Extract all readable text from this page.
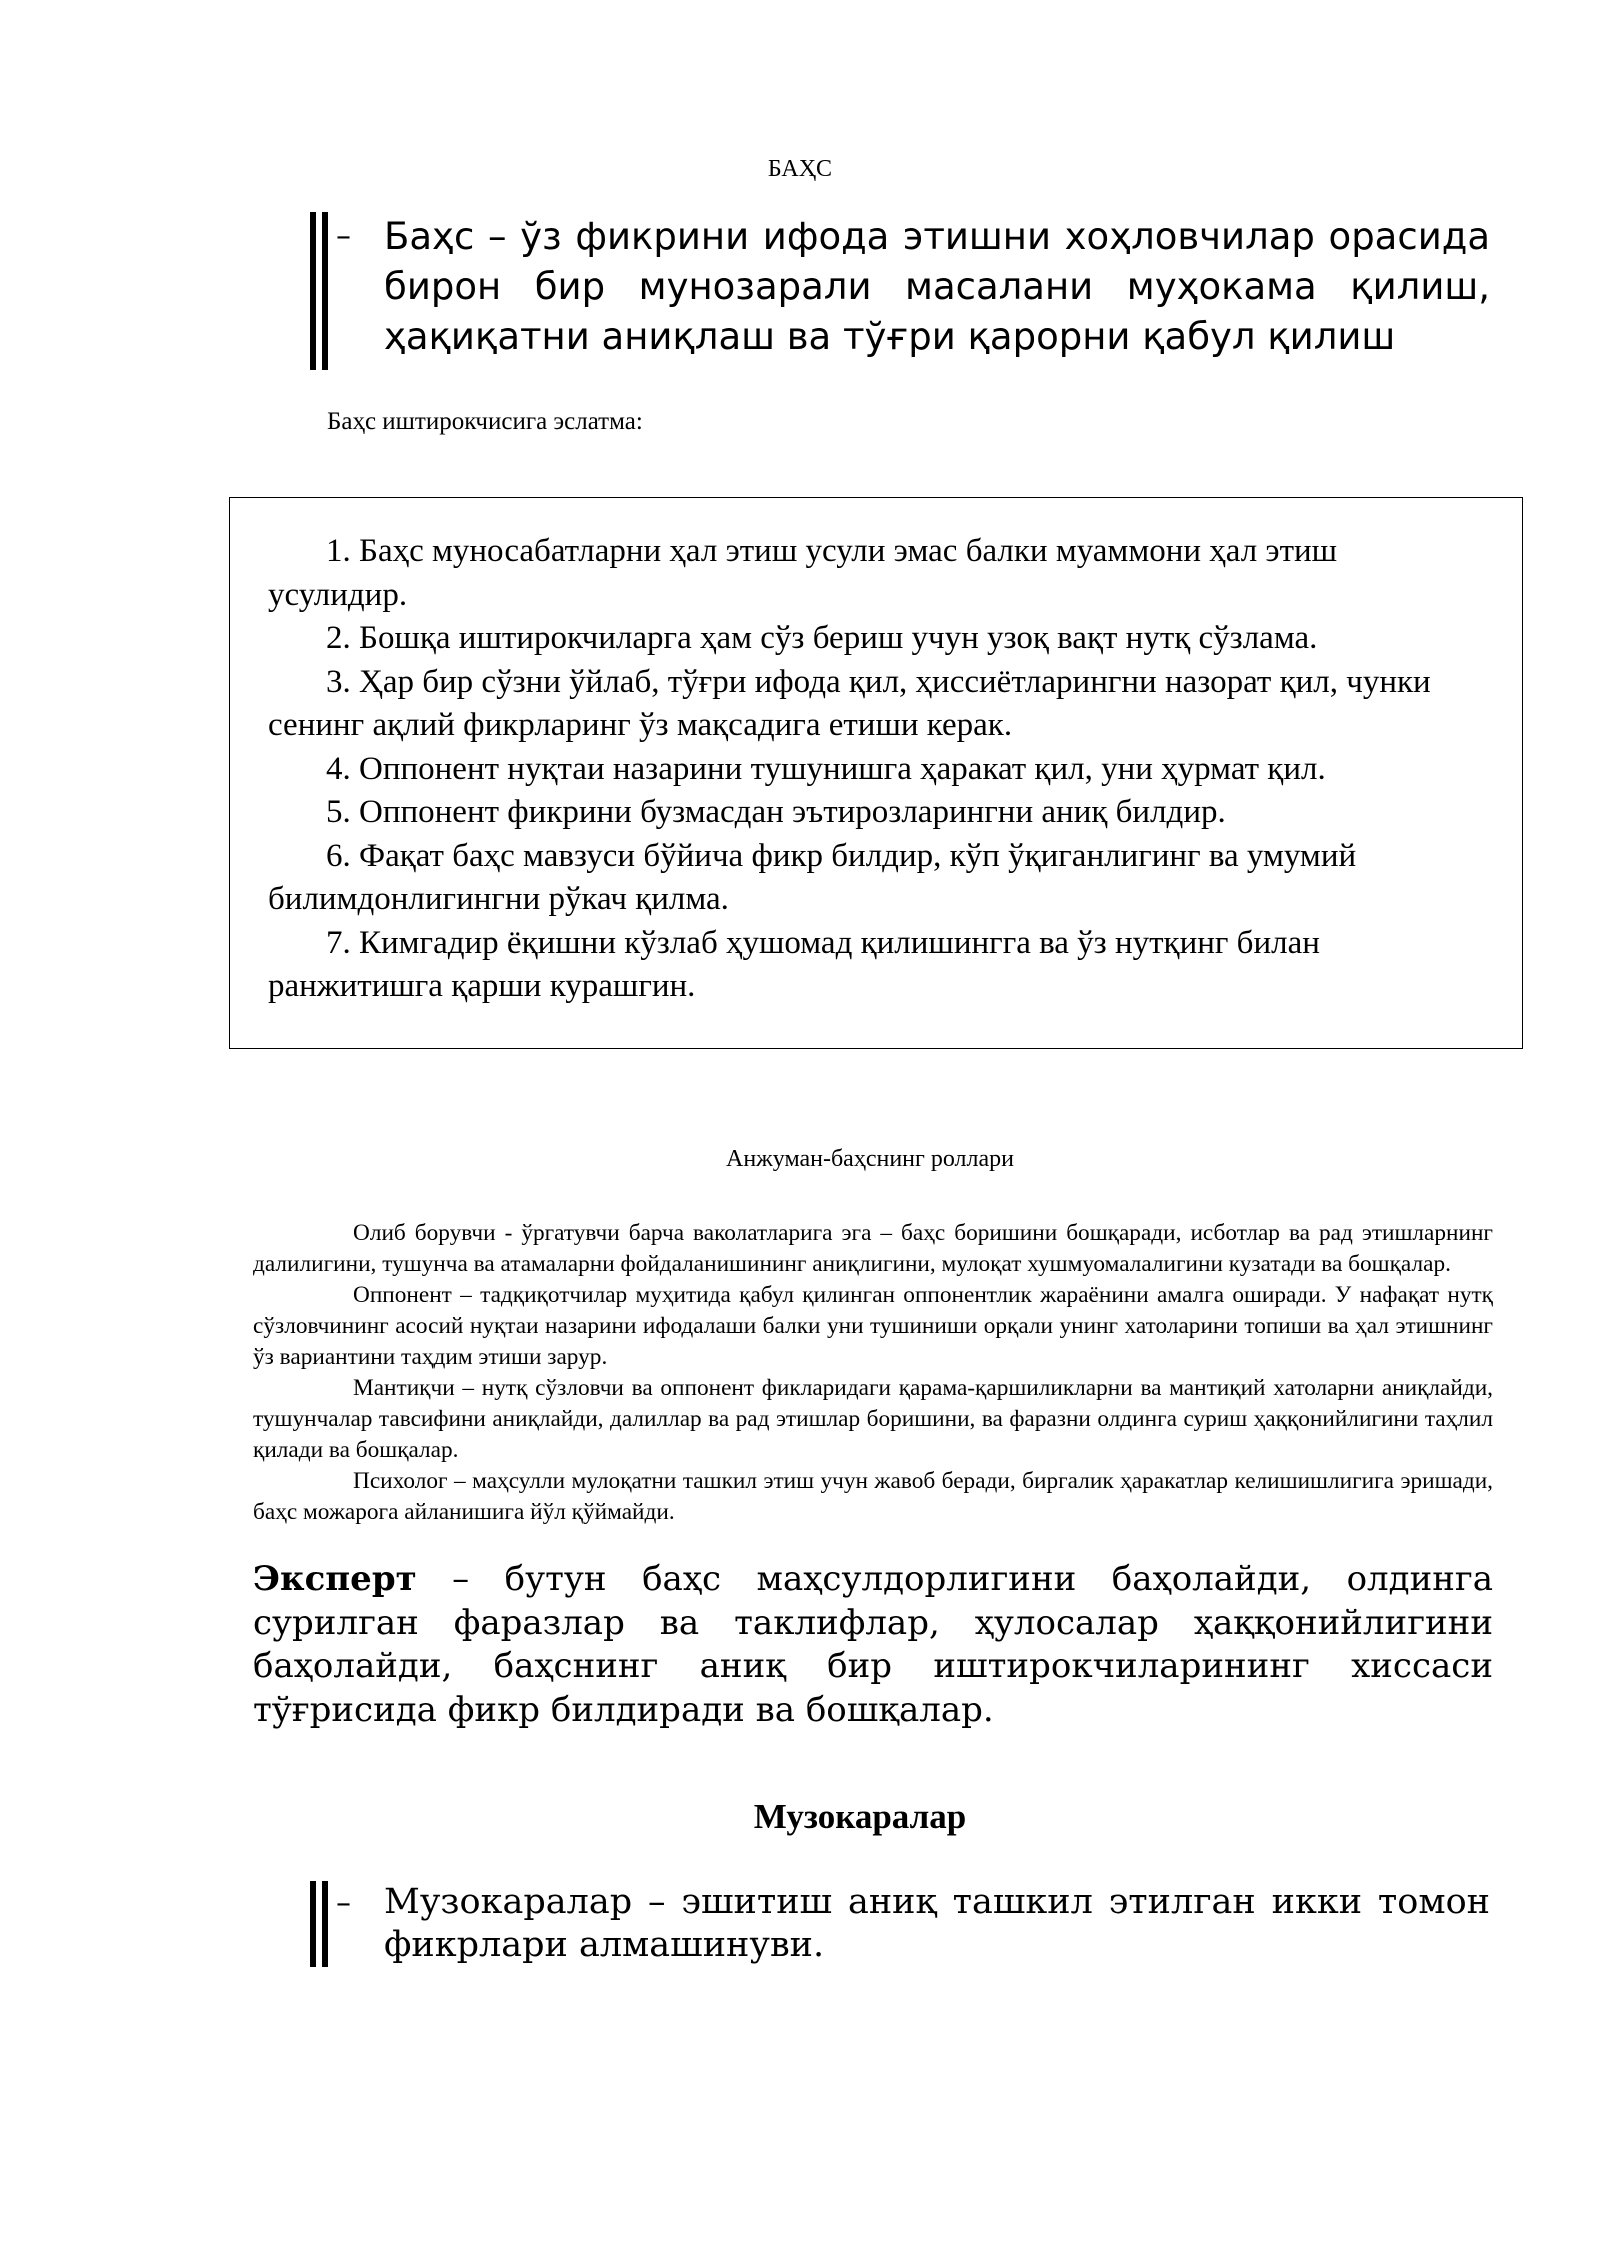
БАҲС
– Баҳс – ўз фикрини ифода этишни хоҳловчилар орасида бирон бир мунозарали масалани муҳокама қилиш, ҳақиқатни аниқлаш ва тўғри қарорни қабул қилиш
Баҳс иштирокчисига эслатма:
1. Баҳс муносабатларни ҳал этиш усули эмас балки муаммони ҳал этиш усулидир.
2. Бошқа иштирокчиларга ҳам сўз бериш учун узоқ вақт нутқ сўзлама.
3. Ҳар бир сўзни ўйлаб, тўғри ифода қил, ҳиссиётларингни назорат қил, чунки сенинг ақлий фикрларинг ўз мақсадига етиши керак.
4. Оппонент нуқтаи назарини тушунишга ҳаракат қил, уни ҳурмат қил.
5. Оппонент фикрини бузмасдан эътирозларингни аниқ билдир.
6. Фақат баҳс мавзуси бўйича фикр билдир, кўп ўқиганлигинг ва умумий билимдонлигингни рўкач қилма.
7. Кимгадир ёқишни кўзлаб ҳушомад қилишингга ва ўз нутқинг билан ранжитишга қарши курашгин.
Анжуман-баҳснинг роллари

Олиб борувчи - ўргатувчи барча ваколатларига эга – баҳс боришини бошқаради, исботлар ва рад этишларнинг далилигини, тушунча ва атамаларни фойдаланишининг аниқлигини, мулоқат хушмуомалалигини кузатади ва бошқалар.

Оппонент – тадқиқотчилар муҳитида қабул қилинган оппонентлик жараёнини амалга оширади. У нафақат нутқ сўзловчининг асосий нуқтаи назарини ифодалаши балки уни тушиниши орқали унинг хатоларини топиши ва ҳал этишнинг ўз вариантини таҳдим этиши зарур.

Мантиқчи – нутқ сўзловчи ва оппонент фикларидаги қарама-қаршиликларни ва мантиқий хатоларни аниқлайди, тушунчалар тавсифини аниқлайди, далиллар ва рад этишлар боришини, ва фаразни олдинга суриш ҳаққонийлигини таҳлил қилади ва бошқалар.

Психолог – маҳсулли мулоқатни ташкил этиш учун жавоб беради, биргалик ҳаракатлар келишишлигига эришади, баҳс можарога айланишига йўл қўймайди.

Эксперт – бутун баҳс маҳсулдорлигини баҳолайди, олдинга сурилган фаразлар ва таклифлар, ҳулосалар ҳаққонийлигини баҳолайди, баҳснинг аниқ бир иштирокчиларининг хиссаси тўғрисида фикр билдиради ва бошқалар.
Музокаралар
– Музокаралар – эшитиш аниқ ташкил этилган икки томон фикрлари алмашинуви.
